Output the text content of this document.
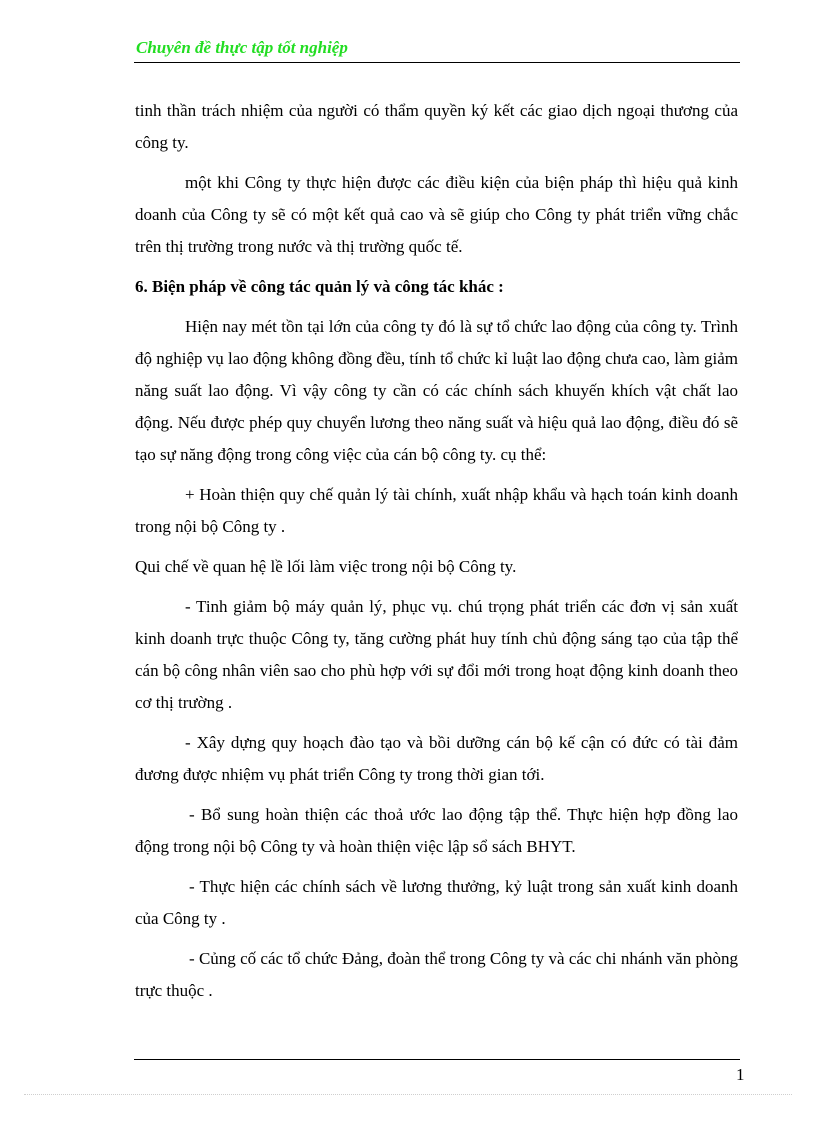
Chuyên đề thực tập tốt nghiệp

tinh thần trách nhiệm của người có thẩm quyền ký kết các giao dịch ngoại thương của công ty.

một khi Công ty thực hiện được các điều kiện của biện pháp thì hiệu quả kinh doanh của Công ty sẽ có một kết quả cao và sẽ giúp cho Công ty phát triển vững chắc trên thị trường trong nước và thị trường quốc tế.

6. Biện pháp về công tác quản lý và công tác khác :

Hiện nay mét tồn tại lớn của công ty đó là sự tổ chức lao động của công ty. Trình độ nghiệp vụ lao động không đồng đều, tính tổ chức kỉ luật lao động chưa cao, làm giảm năng suất lao động. Vì vậy công ty cần có các chính sách khuyến khích vật chất lao động. Nếu được phép quy chuyển lương theo năng suất và hiệu quả lao động, điều đó sẽ tạo sự năng động trong công việc của cán bộ công ty. cụ thể:

+ Hoàn thiện quy chế quản lý tài chính, xuất nhập khẩu và hạch toán kinh doanh trong nội bộ Công ty .

Qui chế về quan hệ lề lối làm việc trong nội bộ Công ty.

- Tinh giảm bộ máy quản lý, phục vụ. chú trọng phát triển các đơn vị sản xuất kinh doanh trực thuộc Công ty, tăng cường phát huy tính chủ động sáng tạo của tập thể cán bộ công nhân viên sao cho phù hợp với sự đổi mới trong hoạt động kinh doanh theo cơ thị trường .

- Xây dựng quy hoạch đào tạo và bồi dưỡng cán bộ kế cận có đức có tài đảm đương được nhiệm vụ phát triển Công ty trong thời gian tới.

- Bổ sung hoàn thiện các thoả ước lao động tập thể. Thực hiện hợp đồng lao động trong nội bộ Công ty và hoàn thiện việc lập sổ sách BHYT.

- Thực hiện các chính sách về lương thưởng, kỷ luật trong sản xuất kinh doanh của Công ty .

- Củng cố các tổ chức Đảng, đoàn thể trong Công ty và các chi nhánh văn phòng trực thuộc .

1
